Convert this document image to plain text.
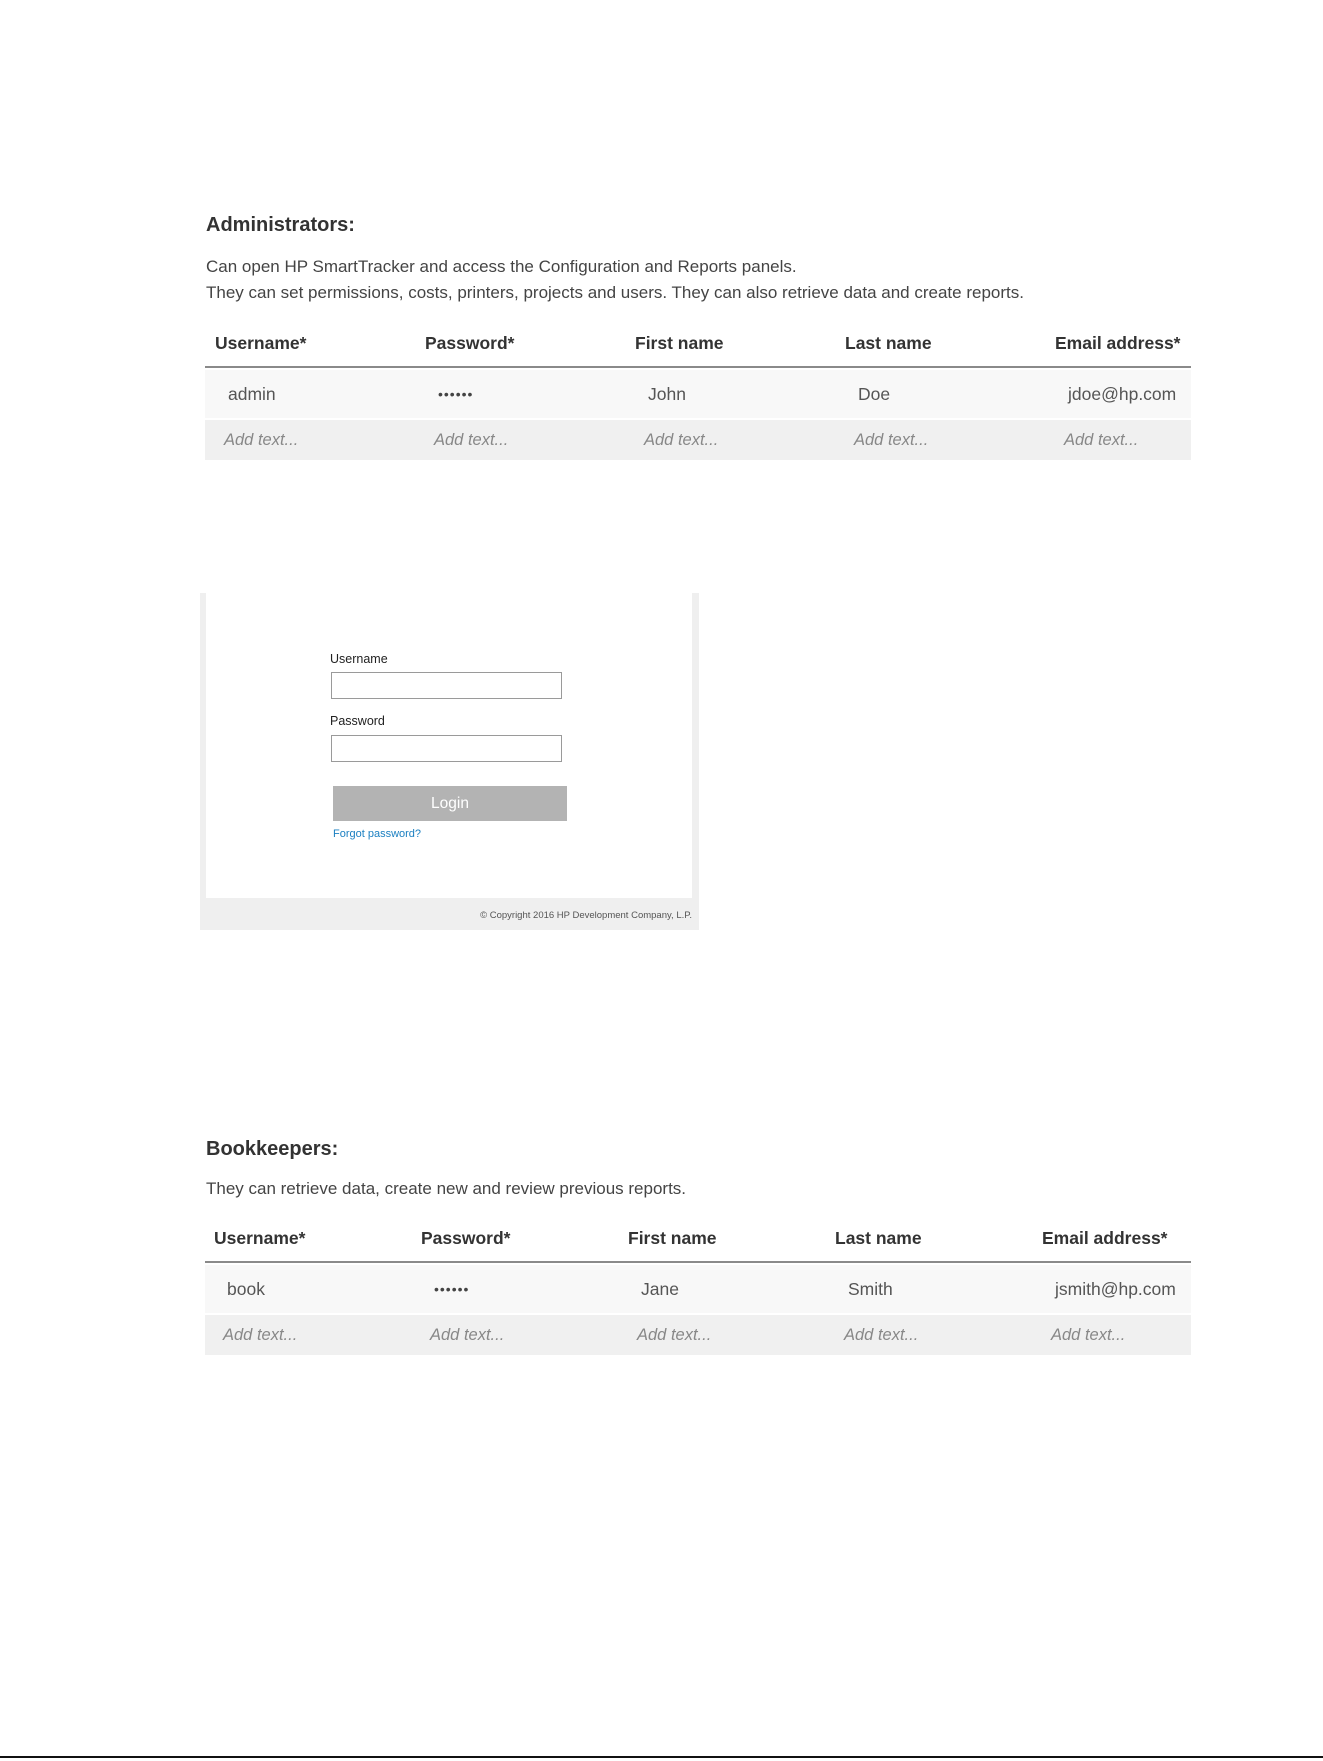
Administrators:
Can open HP SmartTracker and access the Configuration and Reports panels.
They can set permissions, costs, printers, projects and users. They can also retrieve data and create reports.
Username*	Password*	First name	Last name	Email address*
admin	••••••	John	Doe	jdoe@hp.com
Add text...	Add text...	Add text...	Add text...	Add text...
Username
Password
Login
Forgot password?
© Copyright 2016 HP Development Company, L.P.
Bookkeepers:
They can retrieve data, create new and review previous reports.
Username*	Password*	First name	Last name	Email address*
book	••••••	Jane	Smith	jsmith@hp.com
Add text...	Add text...	Add text...	Add text...	Add text...
